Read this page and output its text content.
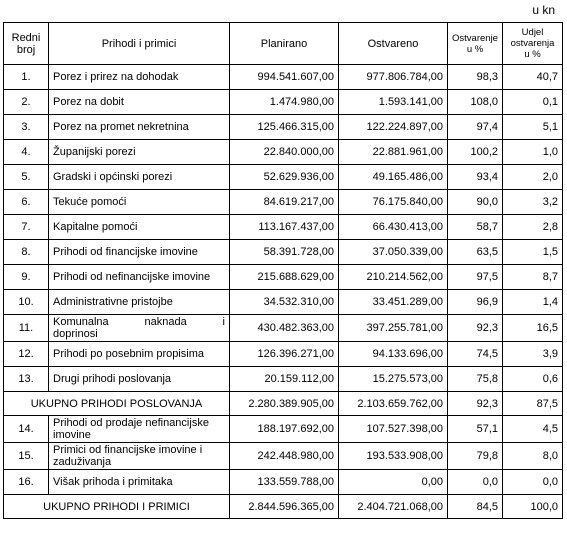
u kn
Redni broj	Prihodi i primici	Planirano	Ostvareno	Ostvarenje u %	Udjel ostvarenja u %
1.	Porez i prirez na dohodak	994.541.607,00	977.806.784,00	98,3	40,7
2.	Porez na dobit	1.474.980,00	1.593.141,00	108,0	0,1
3.	Porez na promet nekretnina	125.466.315,00	122.224.897,00	97,4	5,1
4.	Županijski porezi	22.840.000,00	22.881.961,00	100,2	1,0
5.	Gradski i općinski porezi	52.629.936,00	49.165.486,00	93,4	2,0
6.	Tekuće pomoći	84.619.217,00	76.175.840,00	90,0	3,2
7.	Kapitalne pomoći	113.167.437,00	66.430.413,00	58,7	2,8
8.	Prihodi od financijske imovine	58.391.728,00	37.050.339,00	63,5	1,5
9.	Prihodi od nefinancijske imovine	215.688.629,00	210.214.562,00	97,5	8,7
10.	Administrativne pristojbe	34.532.310,00	33.451.289,00	96,9	1,4
11.	Komunalna naknada i
doprinosi	430.482.363,00	397.255.781,00	92,3	16,5
12.	Prihodi po posebnim propisima	126.396.271,00	94.133.696,00	74,5	3,9
13.	Drugi prihodi poslovanja	20.159.112,00	15.275.573,00	75,8	0,6
UKUPNO PRIHODI POSLOVANJA		2.280.389.905,00	2.103.659.762,00	92,3	87,5
14.	Prihodi od prodaje nefinancijske imovine	188.197.692,00	107.527.398,00	57,1	4,5
15.	Primici od financijske imovine i zaduživanja	242.448.980,00	193.533.908,00	79,8	8,0
16.	Višak prihoda i primitaka	133.559.788,00	0,00	0,0	0,0
UKUPNO PRIHODI I PRIMICI		2.844.596.365,00	2.404.721.068,00	84,5	100,0
